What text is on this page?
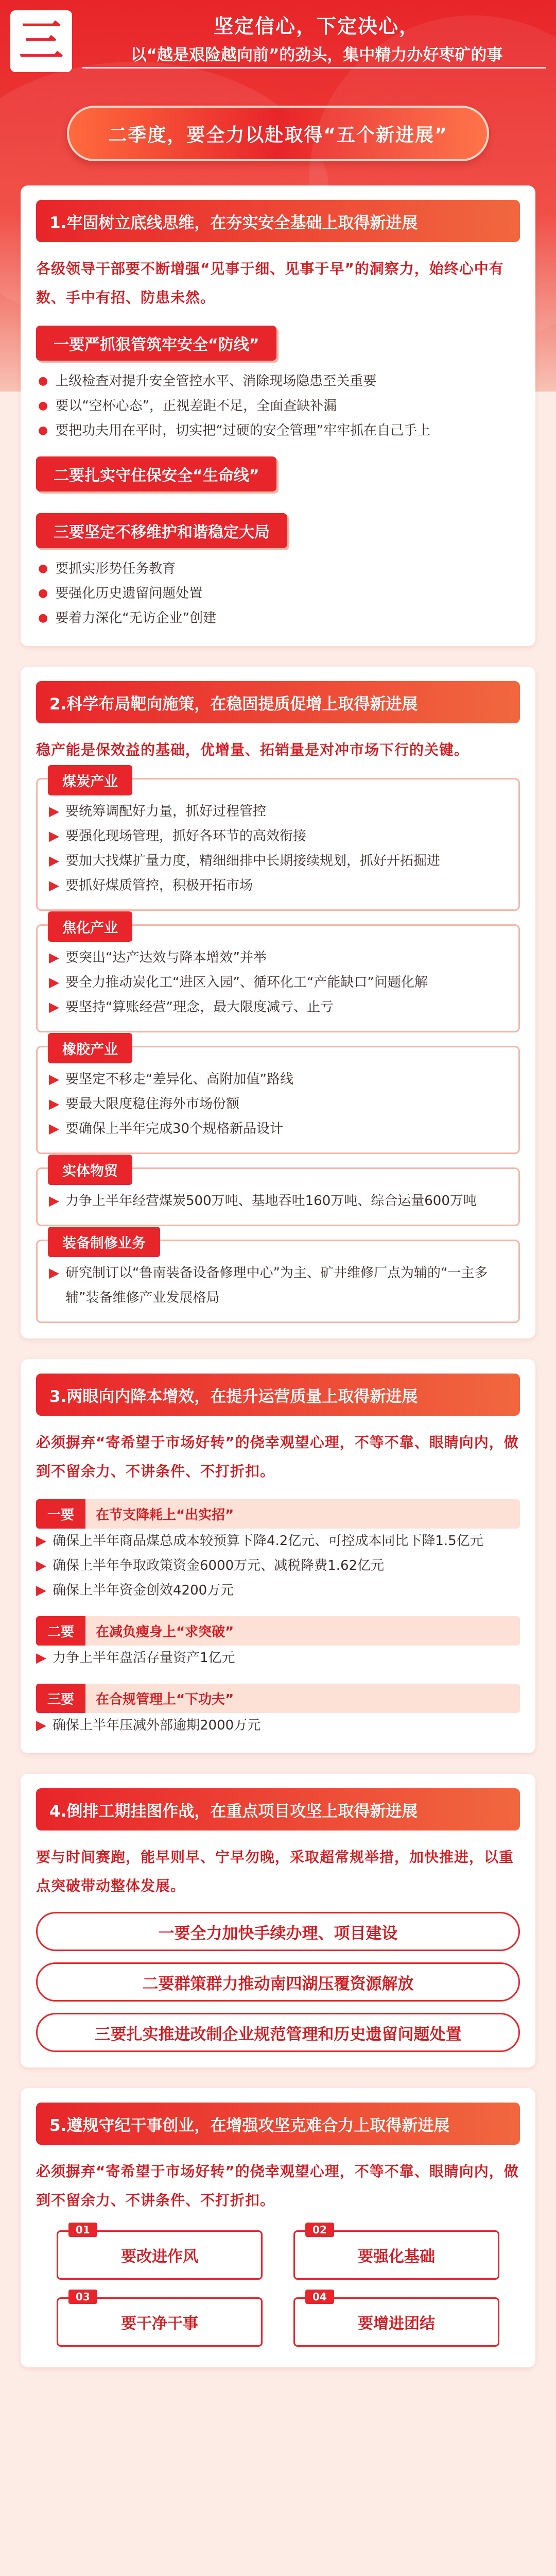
三	坚定信心，下定决心，
以“越是艰险越向前”的劲头，集中精力办好枣矿的事
二季度，要全力以赴取得“五个新进展”
1.牢固树立底线思维，在夯实安全基础上取得新进展

各级领导干部要不断增强“见事于细、见事于早”的洞察力，始终心中有数、手中有招、防患未然。

一要严抓狠管筑牢安全“防线”
● 上级检查对提升安全管控水平、消除现场隐患至关重要
● 要以“空杯心态”，正视差距不足，全面查缺补漏
● 要把功夫用在平时，切实把“过硬的安全管理”牢牢抓在自己手上
二要扎实守住保安全“生命线”
三要坚定不移维护和谐稳定大局
● 要抓实形势任务教育
● 要强化历史遗留问题处置
● 要着力深化“无访企业”创建
2.科学布局靶向施策，在稳固提质促增上取得新进展

稳产能是保效益的基础，优增量、拓销量是对冲市场下行的关键。

煤炭产业
▶ 要统筹调配好力量，抓好过程管控
▶ 要强化现场管理，抓好各环节的高效衔接
▶ 要加大找煤扩量力度，精细细排中长期接续规划，抓好开拓掘进
▶ 要抓好煤质管控，积极开拓市场
焦化产业
▶ 要突出“达产达效与降本增效”并举
▶ 要全力推动炭化工“进区入园”、循环化工“产能缺口”问题化解
▶ 要坚持“算账经营”理念，最大限度减亏、止亏
橡胶产业
▶ 要坚定不移走“差异化、高附加值”路线
▶ 要最大限度稳住海外市场份额
▶ 要确保上半年完成30个规格新品设计
实体物贸
▶ 力争上半年经营煤炭500万吨、基地吞吐160万吨、综合运量600万吨
装备制修业务
▶ 研究制订以“鲁南装备设备修理中心”为主、矿井维修厂点为辅的“一主多辅”装备维修产业发展格局
3.两眼向内降本增效，在提升运营质量上取得新进展

必须摒弃“寄希望于市场好转”的侥幸观望心理，不等不靠、眼睛向内，做到不留余力、不讲条件、不打折扣。

一要	在节支降耗上“出实招”
▶ 确保上半年商品煤总成本较预算下降4.2亿元、可控成本同比下降1.5亿元
▶ 确保上半年争取政策资金6000万元、减税降费1.62亿元
▶ 确保上半年资金创效4200万元
二要	在减负瘦身上“求突破”
▶ 力争上半年盘活存量资产1亿元
三要	在合规管理上“下功夫”
▶ 确保上半年压减外部逾期2000万元
4.倒排工期挂图作战，在重点项目攻坚上取得新进展

要与时间赛跑，能早则早、宁早勿晚，采取超常规举措，加快推进，以重点突破带动整体发展。

一要全力加快手续办理、项目建设
二要群策群力推动南四湖压覆资源解放
三要扎实推进改制企业规范管理和历史遗留问题处置
5.遵规守纪干事创业，在增强攻坚克难合力上取得新进展

必须摒弃“寄希望于市场好转”的侥幸观望心理，不等不靠、眼睛向内，做到不留余力、不讲条件、不打折扣。

01
要改进作风
02
要强化基础
03
要干净干事
04
要增进团结
